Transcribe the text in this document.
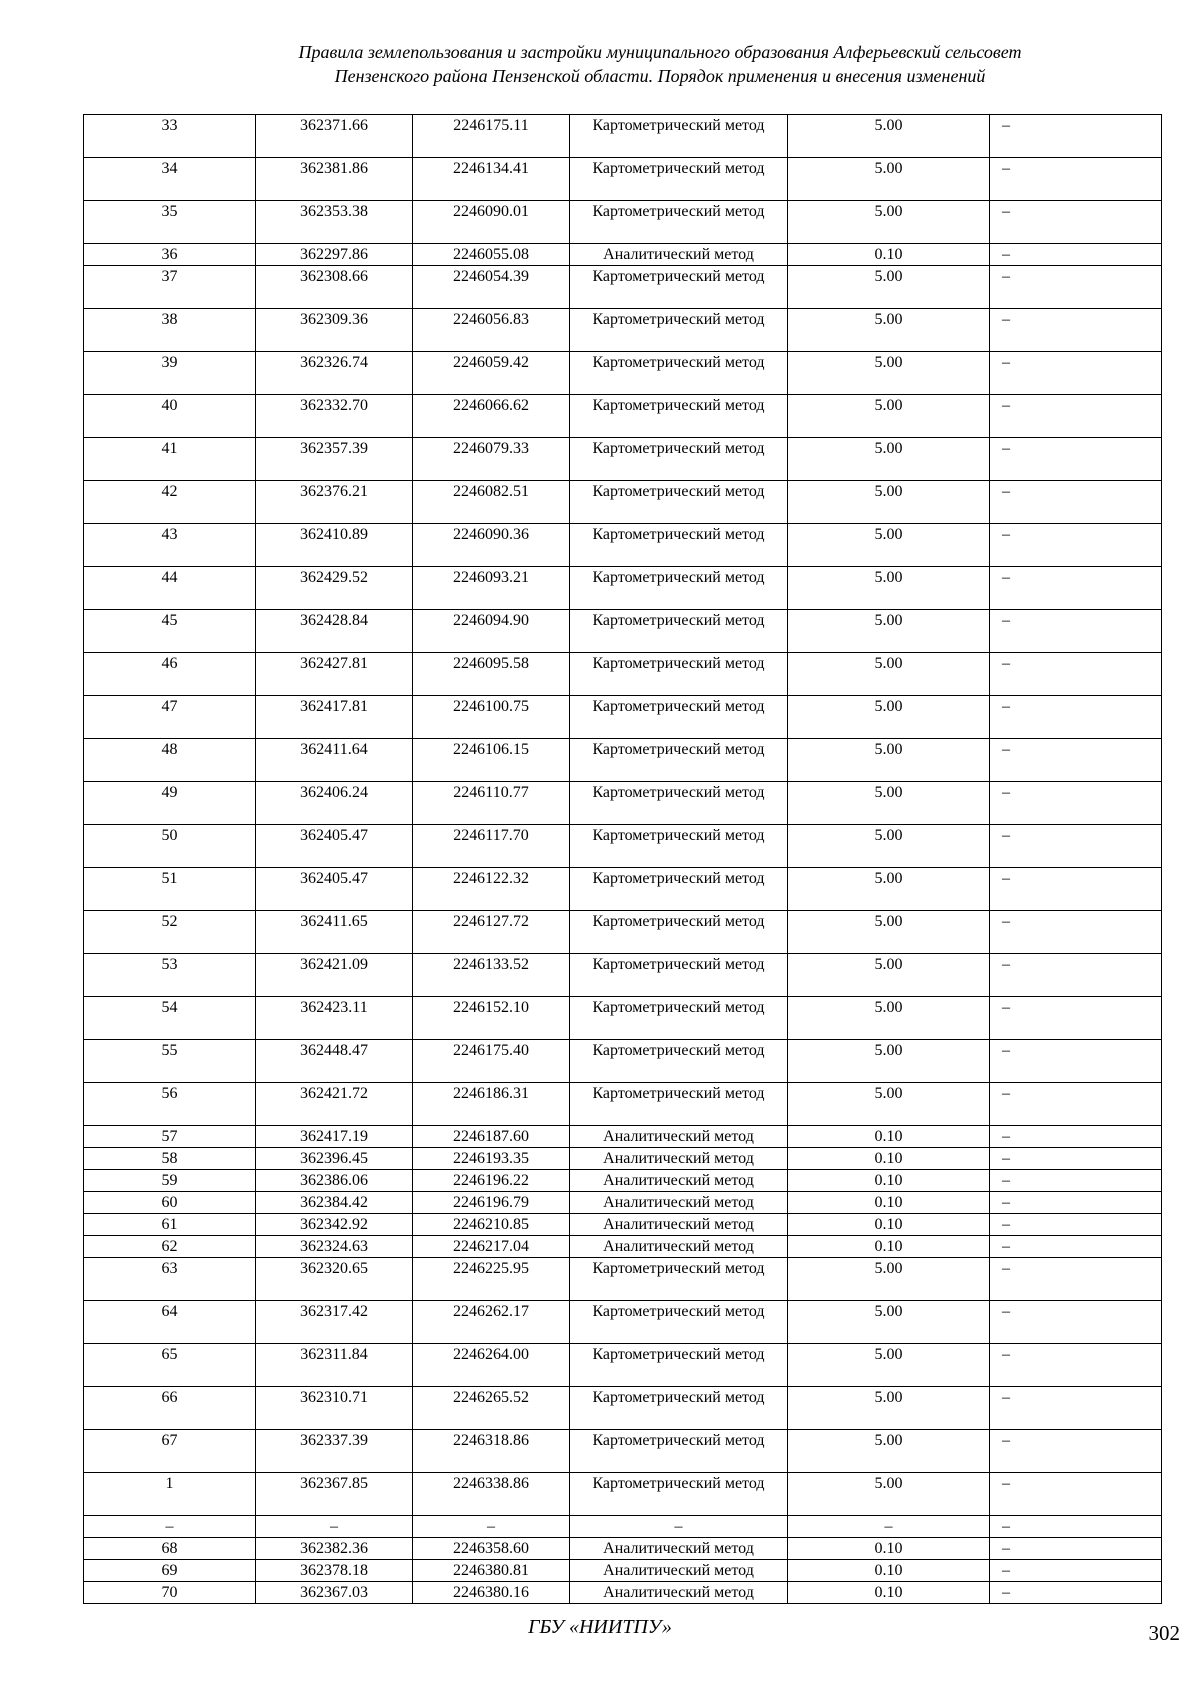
Правила землепользования и застройки муниципального образования Алферьевский сельсовет
Пензенского района Пензенской области. Порядок применения и внесения изменений
33	362371.66	2246175.11	Картометрический метод	5.00	–
34	362381.86	2246134.41	Картометрический метод	5.00	–
35	362353.38	2246090.01	Картометрический метод	5.00	–
36	362297.86	2246055.08	Аналитический метод	0.10	–
37	362308.66	2246054.39	Картометрический метод	5.00	–
38	362309.36	2246056.83	Картометрический метод	5.00	–
39	362326.74	2246059.42	Картометрический метод	5.00	–
40	362332.70	2246066.62	Картометрический метод	5.00	–
41	362357.39	2246079.33	Картометрический метод	5.00	–
42	362376.21	2246082.51	Картометрический метод	5.00	–
43	362410.89	2246090.36	Картометрический метод	5.00	–
44	362429.52	2246093.21	Картометрический метод	5.00	–
45	362428.84	2246094.90	Картометрический метод	5.00	–
46	362427.81	2246095.58	Картометрический метод	5.00	–
47	362417.81	2246100.75	Картометрический метод	5.00	–
48	362411.64	2246106.15	Картометрический метод	5.00	–
49	362406.24	2246110.77	Картометрический метод	5.00	–
50	362405.47	2246117.70	Картометрический метод	5.00	–
51	362405.47	2246122.32	Картометрический метод	5.00	–
52	362411.65	2246127.72	Картометрический метод	5.00	–
53	362421.09	2246133.52	Картометрический метод	5.00	–
54	362423.11	2246152.10	Картометрический метод	5.00	–
55	362448.47	2246175.40	Картометрический метод	5.00	–
56	362421.72	2246186.31	Картометрический метод	5.00	–
57	362417.19	2246187.60	Аналитический метод	0.10	–
58	362396.45	2246193.35	Аналитический метод	0.10	–
59	362386.06	2246196.22	Аналитический метод	0.10	–
60	362384.42	2246196.79	Аналитический метод	0.10	–
61	362342.92	2246210.85	Аналитический метод	0.10	–
62	362324.63	2246217.04	Аналитический метод	0.10	–
63	362320.65	2246225.95	Картометрический метод	5.00	–
64	362317.42	2246262.17	Картометрический метод	5.00	–
65	362311.84	2246264.00	Картометрический метод	5.00	–
66	362310.71	2246265.52	Картометрический метод	5.00	–
67	362337.39	2246318.86	Картометрический метод	5.00	–
1	362367.85	2246338.86	Картометрический метод	5.00	–
–	–	–	–	–	–
68	362382.36	2246358.60	Аналитический метод	0.10	–
69	362378.18	2246380.81	Аналитический метод	0.10	–
70	362367.03	2246380.16	Аналитический метод	0.10	–
ГБУ «НИИТПУ»	302
